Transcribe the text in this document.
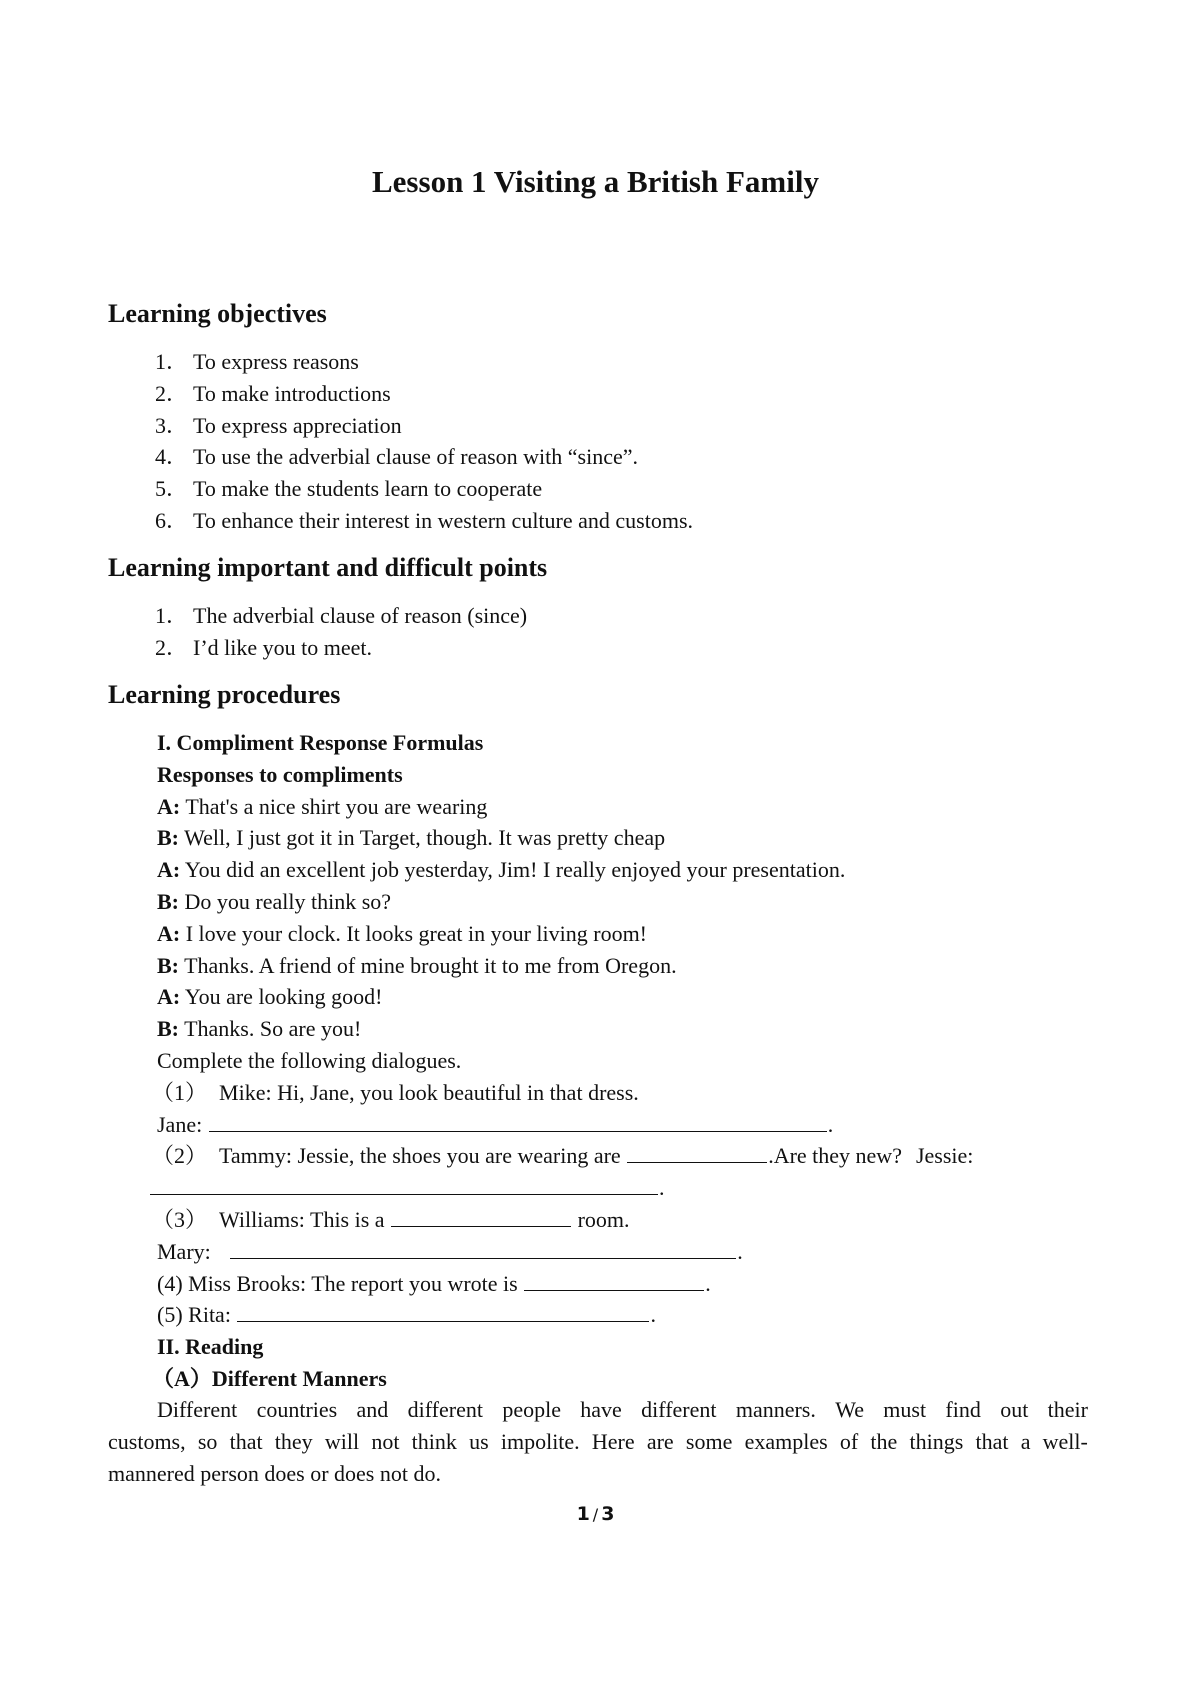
Lesson 1 Visiting a British Family
Learning objectives
1． To express reasons
2． To make introductions
3． To express appreciation
4． To use the adverbial clause of reason with “since”.
5． To make the students learn to cooperate
6． To enhance their interest in western culture and customs.
Learning important and difficult points
1． The adverbial clause of reason (since)
2． I’d like you to meet.
Learning procedures
I. Compliment Response Formulas
Responses to compliments
A: That's a nice shirt you are wearing
B: Well, I just got it in Target, though. It was pretty cheap
A: You did an excellent job yesterday, Jim! I really enjoyed your presentation.
B: Do you really think so?
A: I love your clock. It looks great in your living room!
B: Thanks. A friend of mine brought it to me from Oregon.
A: You are looking good!
B: Thanks. So are you!
Complete the following dialogues.
（1） Mike: Hi, Jane, you look beautiful in that dress.
Jane:	.
（2） Tammy: Jessie, the shoes you are wearing are	.Are they new? Jessie:
.
（3） Williams: This is a	room.
Mary:	.
(4) Miss Brooks: The report you wrote is	.
(5) Rita:	.
II. Reading
（A）Different Manners
Different countries and different people have different manners. We must find out their
customs, so that they will not think us impolite. Here are some examples of the things that a well-
mannered person does or does not do.
1 / 3
